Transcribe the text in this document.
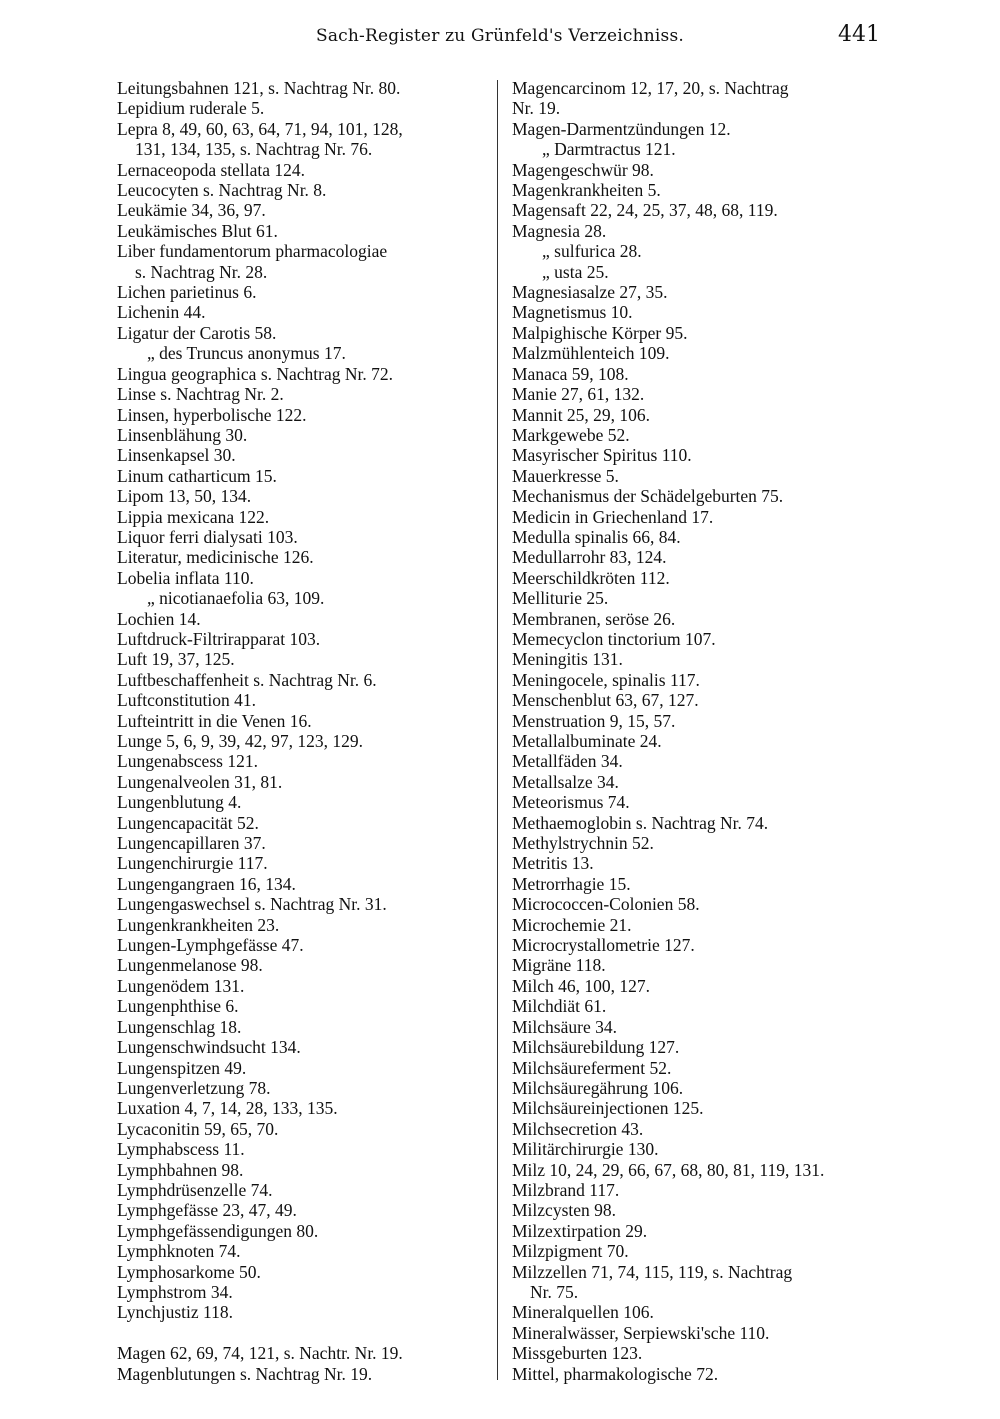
Sach-Register zu Grünfeld's Verzeichniss.	441

Leitungsbahnen 121, s. Nachtrag Nr. 80.

Lepidium ruderale 5.

Lepra 8, 49, 60, 63, 64, 71, 94, 101, 128,

131, 134, 135, s. Nachtrag Nr. 76.

Lernaceopoda stellata 124.

Leucocyten s. Nachtrag Nr. 8.

Leukämie 34, 36, 97.

Leukämisches Blut 61.

Liber fundamentorum pharmacologiae

s. Nachtrag Nr. 28.

Lichen parietinus 6.

Lichenin 44.

Ligatur der Carotis 58.

„ des Truncus anonymus 17.

Lingua geographica s. Nachtrag Nr. 72.

Linse s. Nachtrag Nr. 2.

Linsen, hyperbolische 122.

Linsenblähung 30.

Linsenkapsel 30.

Linum catharticum 15.

Lipom 13, 50, 134.

Lippia mexicana 122.

Liquor ferri dialysati 103.

Literatur, medicinische 126.

Lobelia inflata 110.

„ nicotianaefolia 63, 109.

Lochien 14.

Luftdruck-Filtrirapparat 103.

Luft 19, 37, 125.

Luftbeschaffenheit s. Nachtrag Nr. 6.

Luftconstitution 41.

Lufteintritt in die Venen 16.

Lunge 5, 6, 9, 39, 42, 97, 123, 129.

Lungenabscess 121.

Lungenalveolen 31, 81.

Lungenblutung 4.

Lungencapacität 52.

Lungencapillaren 37.

Lungenchirurgie 117.

Lungengangraen 16, 134.

Lungengaswechsel s. Nachtrag Nr. 31.

Lungenkrankheiten 23.

Lungen-Lymphgefässe 47.

Lungenmelanose 98.

Lungenödem 131.

Lungenphthise 6.

Lungenschlag 18.

Lungenschwindsucht 134.

Lungenspitzen 49.

Lungenverletzung 78.

Luxation 4, 7, 14, 28, 133, 135.

Lycaconitin 59, 65, 70.

Lymphabscess 11.

Lymphbahnen 98.

Lymphdrüsenzelle 74.

Lymphgefässe 23, 47, 49.

Lymphgefässendigungen 80.

Lymphknoten 74.

Lymphosarkome 50.

Lymphstrom 34.

Lynchjustiz 118.

Magen 62, 69, 74, 121, s. Nachtr. Nr. 19.

Magenblutungen s. Nachtrag Nr. 19.

Magencarcinom 12, 17, 20, s. Nachtrag

Nr. 19.

Magen-Darmentzündungen 12.

„ Darmtractus 121.

Magengeschwür 98.

Magenkrankheiten 5.

Magensaft 22, 24, 25, 37, 48, 68, 119.

Magnesia 28.

„ sulfurica 28.

„ usta 25.

Magnesiasalze 27, 35.

Magnetismus 10.

Malpighische Körper 95.

Malzmühlenteich 109.

Manaca 59, 108.

Manie 27, 61, 132.

Mannit 25, 29, 106.

Markgewebe 52.

Masyrischer Spiritus 110.

Mauerkresse 5.

Mechanismus der Schädelgeburten 75.

Medicin in Griechenland 17.

Medulla spinalis 66, 84.

Medullarrohr 83, 124.

Meerschildkröten 112.

Melliturie 25.

Membranen, seröse 26.

Memecyclon tinctorium 107.

Meningitis 131.

Meningocele, spinalis 117.

Menschenblut 63, 67, 127.

Menstruation 9, 15, 57.

Metallalbuminate 24.

Metallfäden 34.

Metallsalze 34.

Meteorismus 74.

Methaemoglobin s. Nachtrag Nr. 74.

Methylstrychnin 52.

Metritis 13.

Metrorrhagie 15.

Micrococcen-Colonien 58.

Microchemie 21.

Microcrystallometrie 127.

Migräne 118.

Milch 46, 100, 127.

Milchdiät 61.

Milchsäure 34.

Milchsäurebildung 127.

Milchsäureferment 52.

Milchsäuregährung 106.

Milchsäureinjectionen 125.

Milchsecretion 43.

Militärchirurgie 130.

Milz 10, 24, 29, 66, 67, 68, 80, 81, 119, 131.

Milzbrand 117.

Milzcysten 98.

Milzextirpation 29.

Milzpigment 70.

Milzzellen 71, 74, 115, 119, s. Nachtrag

Nr. 75.

Mineralquellen 106.

Mineralwässer, Serpiewski'sche 110.

Missgeburten 123.

Mittel, pharmakologische 72.
